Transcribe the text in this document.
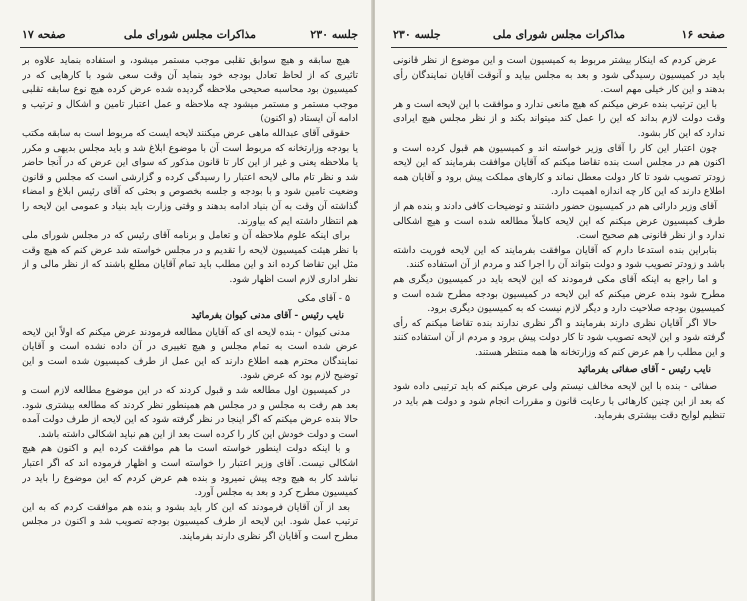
جلسه ۲۳۰
مذاکرات مجلس شورای ملی
صفحه ۱۷

هیچ سابقه و هیچ سوابق تقلبی موجب مستمر میشود، و استفاده بنماید علاوه بر تاثیری که از لحاظ تعادل بودجه خود بنماید آن وقت سعی شود با کارهایی که در کمیسیون بود محاسبه صحیحی ملاحظه گردیده شده عرض کرده هیچ نوع سابقه تقلبی موجب مستمر و مستمر میشود چه ملاحظه و عمل اعتبار تامین و اشکال و ترتیب و ادامه آن ایستاد (و اکنون)

حقوقی آقای عبدالله ماهی عرض میکنند لایحه ایست که مربوط است به سابقه مکتب یا بودجه وزارتخانه که مربوط است آن با موضوع ابلاغ شد و باید مجلس بدیهی و مکرر یا ملاحظه یعنی و غیر از این کار تا قانون مذکور که سوای این عرض که در آنجا حاضر شد و نظر تام مالی لایحه اعتبار را رسیدگی کرده و گزارشی است که مجلس و قانون وضعیت تامین شود و با بودجه و جلسه بخصوص و بحثی که آقای رئیس ابلاغ و امضاء گذاشته آن وقت به آن بنیاد ادامه بدهند و وقتی وزارت باید بنیاد و عمومی این لایحه را هم انتظار داشته ایم که بیاورند.

برای اینکه علوم ملاحظه آن و تعامل و برنامه آقای رئیس که در مجلس شورای ملی با نظر هیئت کمیسیون لایحه را تقدیم و در مجلس خواسته شد عرض کنم که هیچ وقت مثل این تقاضا کرده اند و این مطلب باید تمام آقایان مطلع باشند که از نظر مالی و از نظر ادارى لازم است اظهار شود.

۵ - آقای مکی

نایب رئیس - آقای مدنی کیوان بفرمائید

مدنی کیوان - بنده لایحه ای که آقایان مطالعه فرمودند عرض میکنم که اولاً این لایحه عرض شده است به تمام مجلس و هیچ تغییری در آن داده نشده است و آقایان نمایندگان محترم همه اطلاع دارند که این عمل از طرف کمیسیون شده است و این توضیح لازم بود که عرض شود.

در کمیسیون اول مطالعه شد و قبول کردند که در این موضوع مطالعه لازم است و بعد هم رفت به مجلس و در مجلس هم همینطور نظر کردند که مطالعه بیشتری شود. حالا بنده عرض میکنم که اگر اینجا در نظر گرفته شود که این لایحه از طرف دولت آمده است و دولت خودش این کار را کرده است بعد از این هم نباید اشکالی داشته باشد.

و با اینکه دولت اینطور خواسته است ما هم موافقت کرده ایم و اکنون هم هیچ اشکالی نیست. آقای وزیر اعتبار را خواسته است و اظهار فرموده اند که اگر اعتبار نباشد کار به هیچ وجه پیش نمیرود و بنده هم عرض کردم که این موضوع را باید در کمیسیون مطرح کرد و بعد به مجلس آورد.

بعد از آن آقایان فرمودند که این کار باید بشود و بنده هم موافقت کردم که به این ترتیب عمل شود. این لایحه از طرف کمیسیون بودجه تصویب شد و اکنون در مجلس مطرح است و آقایان اگر نظری دارند بفرمایند.

صفحه ۱۶
مذاکرات مجلس شورای ملی
جلسه ۲۳۰

عرض کردم که اینکار بیشتر مربوط به کمیسیون است و این موضوع از نظر قانونی باید در کمیسیون رسیدگی شود و بعد به مجلس بیاید و آنوقت آقایان نمایندگان رأی بدهند و این کار خیلی مهم است.

با این ترتیب بنده عرض میکنم که هیچ مانعی ندارد و موافقت با این لایحه است و هر وقت دولت لازم بداند که این را عمل کند میتواند بکند و از نظر مجلس هیچ ایرادی ندارد که این کار بشود.

چون اعتبار این کار را آقای وزیر خواسته اند و کمیسیون هم قبول کرده است و اکنون هم در مجلس است بنده تقاضا میکنم که آقایان موافقت بفرمایند که این لایحه زودتر تصویب شود تا کار دولت معطل نماند و کارهای مملکت پیش برود و آقایان همه اطلاع دارند که این کار چه اندازه اهمیت دارد.

آقای وزیر دارائی هم در کمیسیون حضور داشتند و توضیحات کافی دادند و بنده هم از طرف کمیسیون عرض میکنم که این لایحه کاملاً مطالعه شده است و هیچ اشکالی ندارد و از نظر قانونی هم صحیح است.

بنابراین بنده استدعا دارم که آقایان موافقت بفرمایند که این لایحه فوریت داشته باشد و زودتر تصویب شود و دولت بتواند آن را اجرا کند و مردم از آن استفاده کنند.

و اما راجع به اینکه آقای مکی فرمودند که این لایحه باید در کمیسیون دیگری هم مطرح شود بنده عرض میکنم که این لایحه در کمیسیون بودجه مطرح شده است و کمیسیون بودجه صلاحیت دارد و دیگر لازم نیست که به کمیسیون دیگری برود.

حالا اگر آقایان نظری دارند بفرمایند و اگر نظری ندارند بنده تقاضا میکنم که رأی گرفته شود و این لایحه تصویب شود تا کار دولت پیش برود و مردم از آن استفاده کنند و این مطلب را هم عرض کنم که وزارتخانه ها همه منتظر هستند.

نایب رئیس - آقای صفائی بفرمائید

صفائی - بنده با این لایحه مخالف نیستم ولی عرض میکنم که باید ترتیبی داده شود که بعد از این چنین کارهائی با رعایت قانون و مقررات انجام شود و دولت هم باید در تنظیم لوایح دقت بیشتری بفرماید.
